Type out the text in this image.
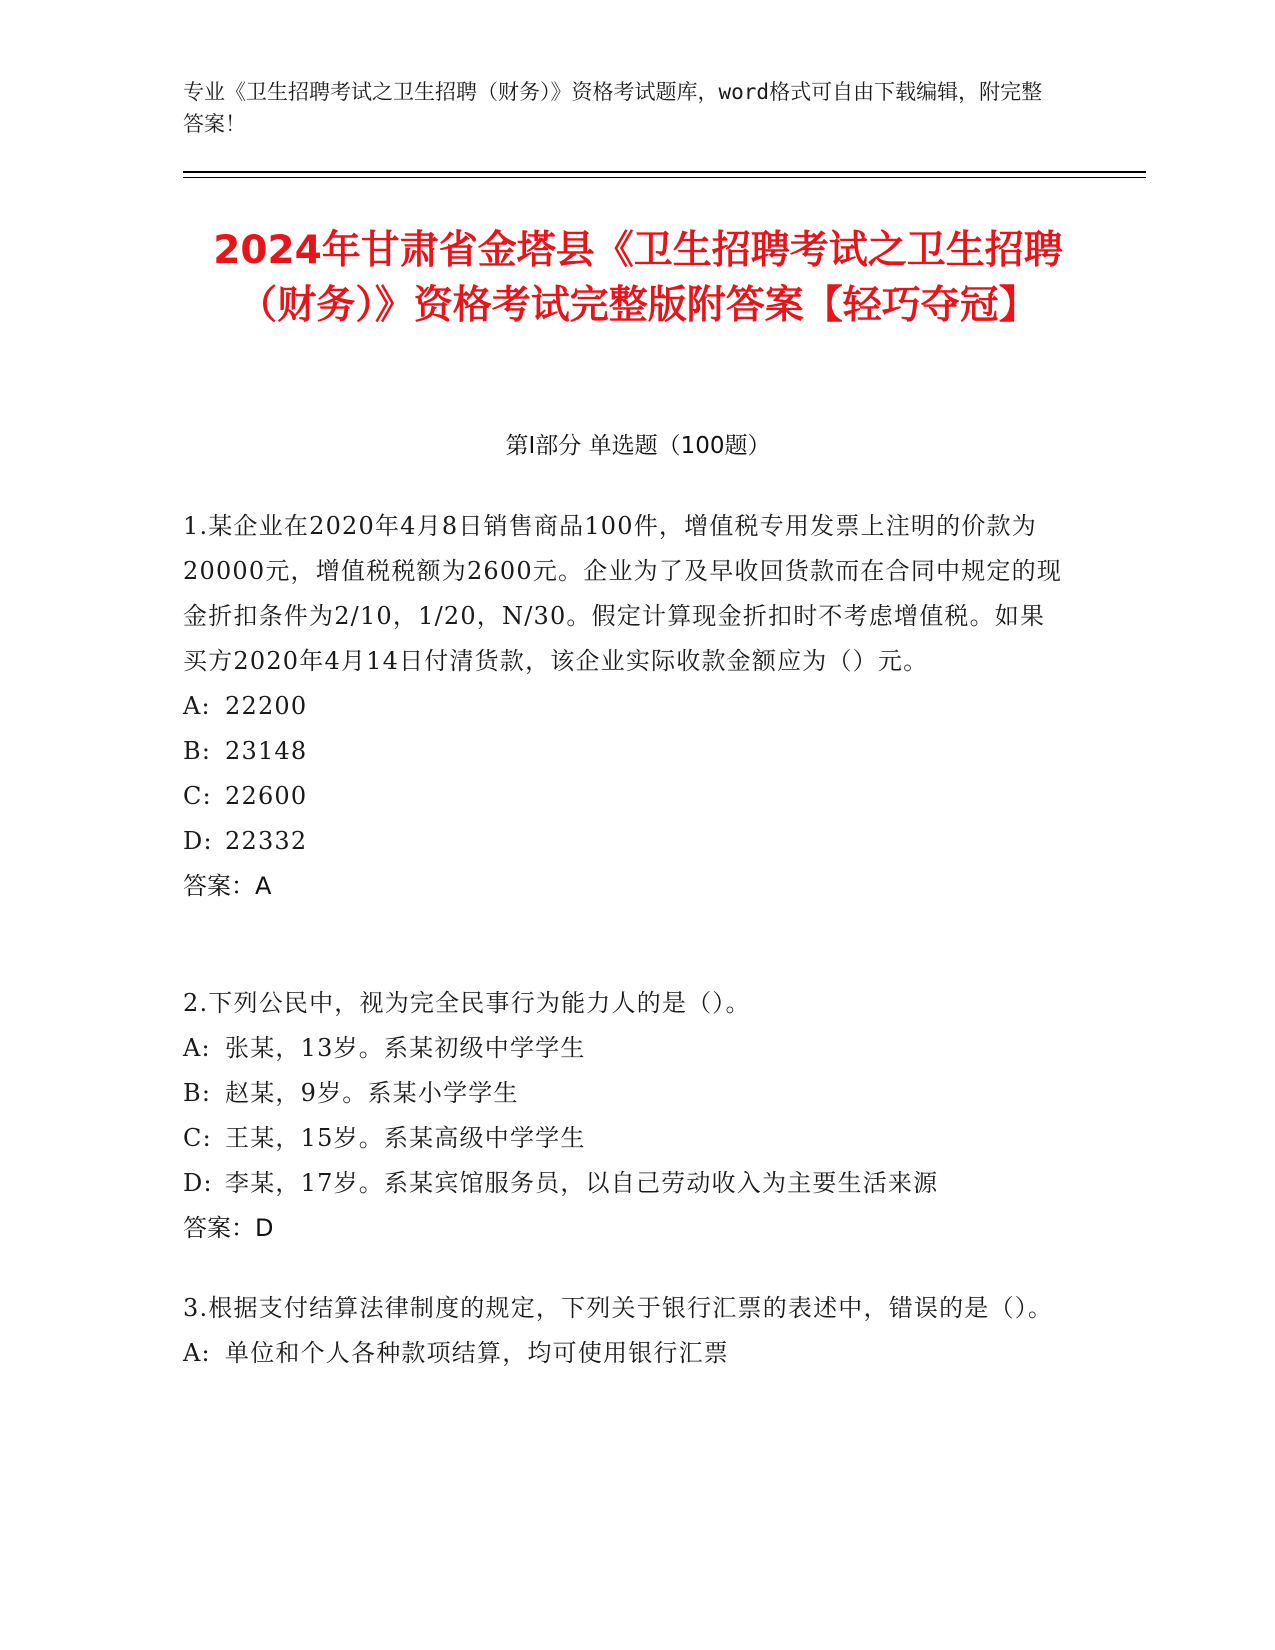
专业《卫生招聘考试之卫生招聘（财务）》资格考试题库，word格式可自由下载编辑，附完整答案！
2024年甘肃省金塔县《卫生招聘考试之卫生招聘（财务）》资格考试完整版附答案【轻巧夺冠】
第I部分 单选题（100题）
1.某企业在2020年4月8日销售商品100件，增值税专用发票上注明的价款为20000元，增值税税额为2600元。企业为了及早收回货款而在合同中规定的现金折扣条件为2/10，1/20，N/30。假定计算现金折扣时不考虑增值税。如果买方2020年4月14日付清货款，该企业实际收款金额应为（）元。
A: 22200
B: 23148
C: 22600
D: 22332
答案：A
2.下列公民中，视为完全民事行为能力人的是（）。
A: 张某，13岁。系某初级中学学生
B: 赵某，9岁。系某小学学生
C: 王某，15岁。系某高级中学学生
D: 李某，17岁。系某宾馆服务员，以自己劳动收入为主要生活来源
答案：D
3.根据支付结算法律制度的规定，下列关于银行汇票的表述中，错误的是（）。
A: 单位和个人各种款项结算，均可使用银行汇票
